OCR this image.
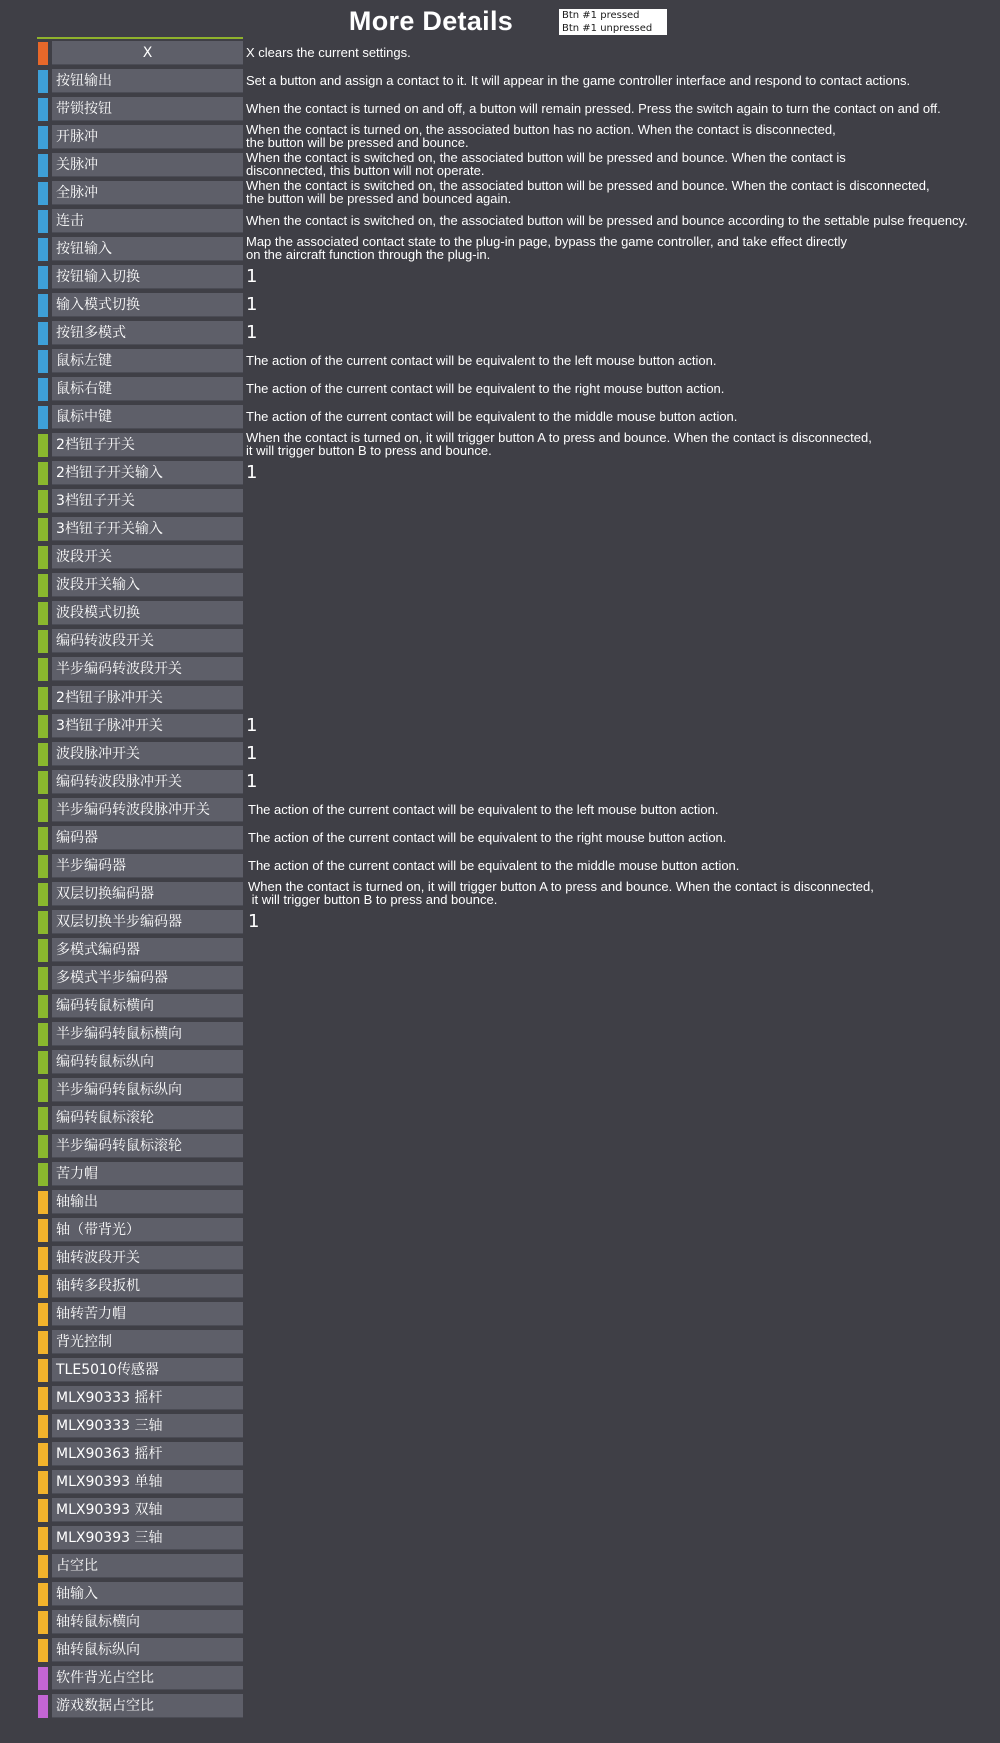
More Details	Btn #1 pressed
Btn #1 unpressed
X
按钮输出
带锁按钮
开脉冲
关脉冲
全脉冲
连击
按钮输入
按钮输入切换
输入模式切换
按钮多模式
鼠标左键
鼠标右键
鼠标中键
2档钮子开关
2档钮子开关输入
3档钮子开关
3档钮子开关输入
波段开关
波段开关输入
波段模式切换
编码转波段开关
半步编码转波段开关
2档钮子脉冲开关
3档钮子脉冲开关
波段脉冲开关
编码转波段脉冲开关
半步编码转波段脉冲开关
编码器
半步编码器
双层切换编码器
双层切换半步编码器
多模式编码器
多模式半步编码器
编码转鼠标横向
半步编码转鼠标横向
编码转鼠标纵向
半步编码转鼠标纵向
编码转鼠标滚轮
半步编码转鼠标滚轮
苦力帽
轴输出
轴（带背光）
轴转波段开关
轴转多段扳机
轴转苦力帽
背光控制
TLE5010传感器
MLX90333 摇杆
MLX90333 三轴
MLX90363 摇杆
MLX90393 单轴
MLX90393 双轴
MLX90393 三轴
占空比
轴输入
轴转鼠标横向
轴转鼠标纵向
软件背光占空比
游戏数据占空比
X clears the current settings.
Set a button and assign a contact to it. It will appear in the game controller interface and respond to contact actions.
When the contact is turned on and off, a button will remain pressed. Press the switch again to turn the contact on and off.
When the contact is turned on, the associated button has no action. When the contact is disconnected,
the button will be pressed and bounce.
When the contact is switched on, the associated button will be pressed and bounce. When the contact is
disconnected, this button will not operate.
When the contact is switched on, the associated button will be pressed and bounce. When the contact is disconnected,
the button will be pressed and bounced again.
When the contact is switched on, the associated button will be pressed and bounce according to the settable pulse frequency.
Map the associated contact state to the plug-in page, bypass the game controller, and take effect directly
on the aircraft function through the plug-in.
1
1
1
The action of the current contact will be equivalent to the left mouse button action.
The action of the current contact will be equivalent to the right mouse button action.
The action of the current contact will be equivalent to the middle mouse button action.
When the contact is turned on, it will trigger button A to press and bounce. When the contact is disconnected,
it will trigger button B to press and bounce.
1
1
1
1
The action of the current contact will be equivalent to the left mouse button action.
The action of the current contact will be equivalent to the right mouse button action.
The action of the current contact will be equivalent to the middle mouse button action.
When the contact is turned on, it will trigger button A to press and bounce. When the contact is disconnected,
it will trigger button B to press and bounce.
1
